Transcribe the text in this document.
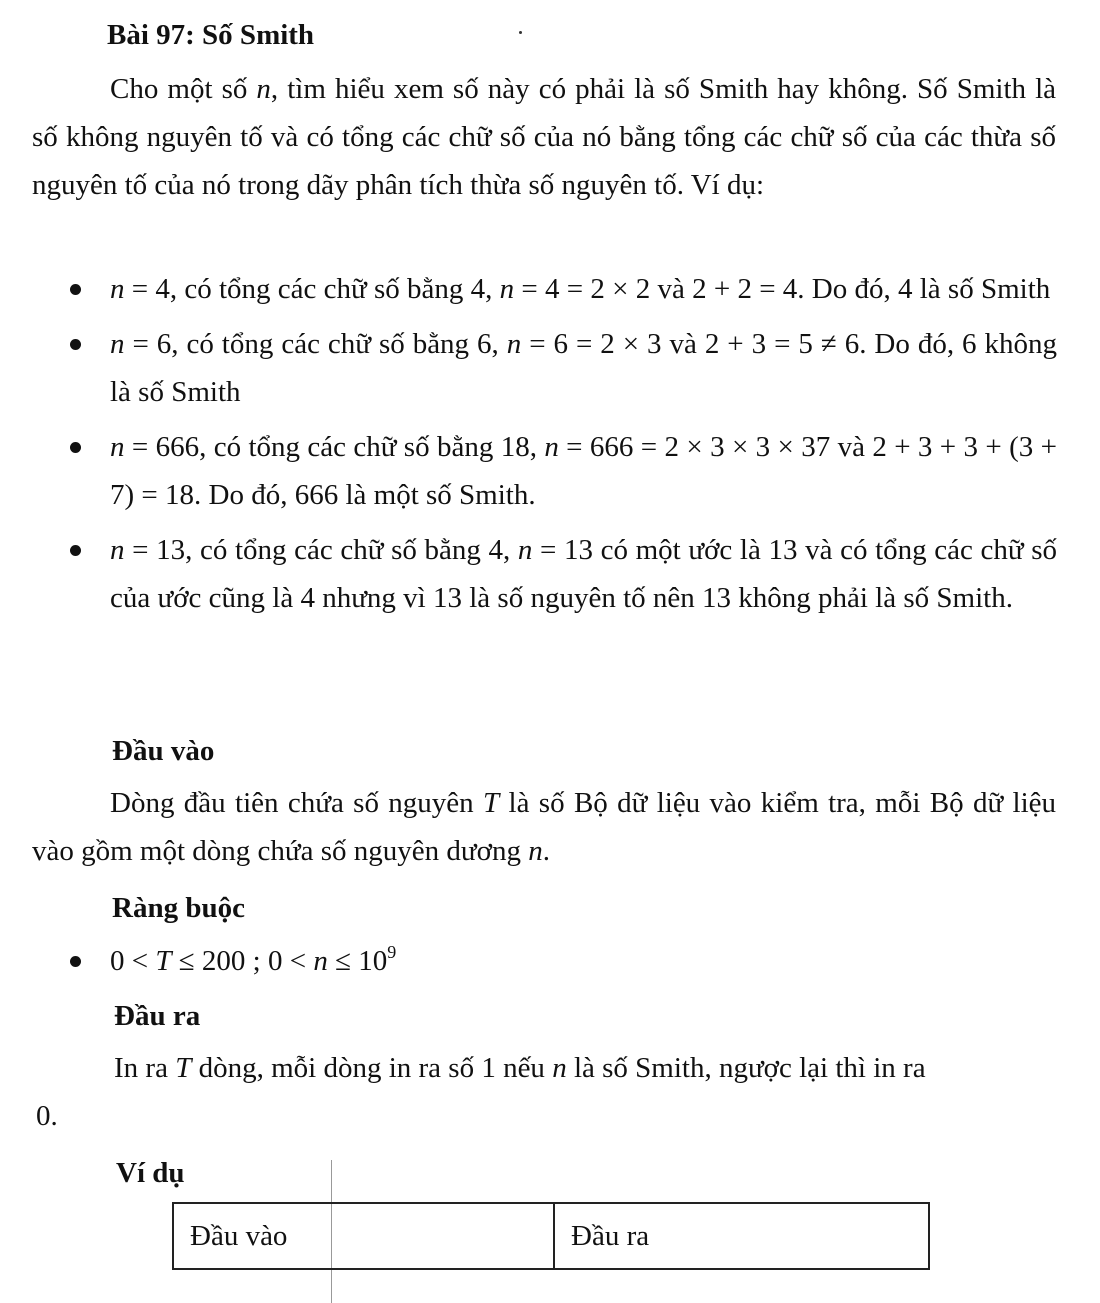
Bài 97: Số Smith

Cho một số n, tìm hiểu xem số này có phải là số Smith hay không. Số Smith là số không nguyên tố và có tổng các chữ số của nó bằng tổng các chữ số của các thừa số nguyên tố của nó trong dãy phân tích thừa số nguyên tố. Ví dụ:

n = 4, có tổng các chữ số bằng 4, n = 4 = 2 × 2 và 2 + 2 = 4. Do đó, 4 là số Smith
n = 6, có tổng các chữ số bằng 6, n = 6 = 2 × 3 và 2 + 3 = 5 ≠ 6. Do đó, 6 không là số Smith
n = 666, có tổng các chữ số bằng 18, n = 666 = 2 × 3 × 3 × 37 và 2 + 3 + 3 + (3 + 7) = 18. Do đó, 666 là một số Smith.
n = 13, có tổng các chữ số bằng 4, n = 13 có một ước là 13 và có tổng các chữ số của ước cũng là 4 nhưng vì 13 là số nguyên tố nên 13 không phải là số Smith.
Đầu vào

Dòng đầu tiên chứa số nguyên T là số Bộ dữ liệu vào kiểm tra, mỗi Bộ dữ liệu vào gồm một dòng chứa số nguyên dương n.

Ràng buộc
0 < T ≤ 200 ; $0 < n \le 10^9$
Đầu ra
In ra T dòng, mỗi dòng in ra số 1 nếu n là số Smith, ngược lại thì in ra
0.
Ví dụ
Đầu vào	Đầu ra
